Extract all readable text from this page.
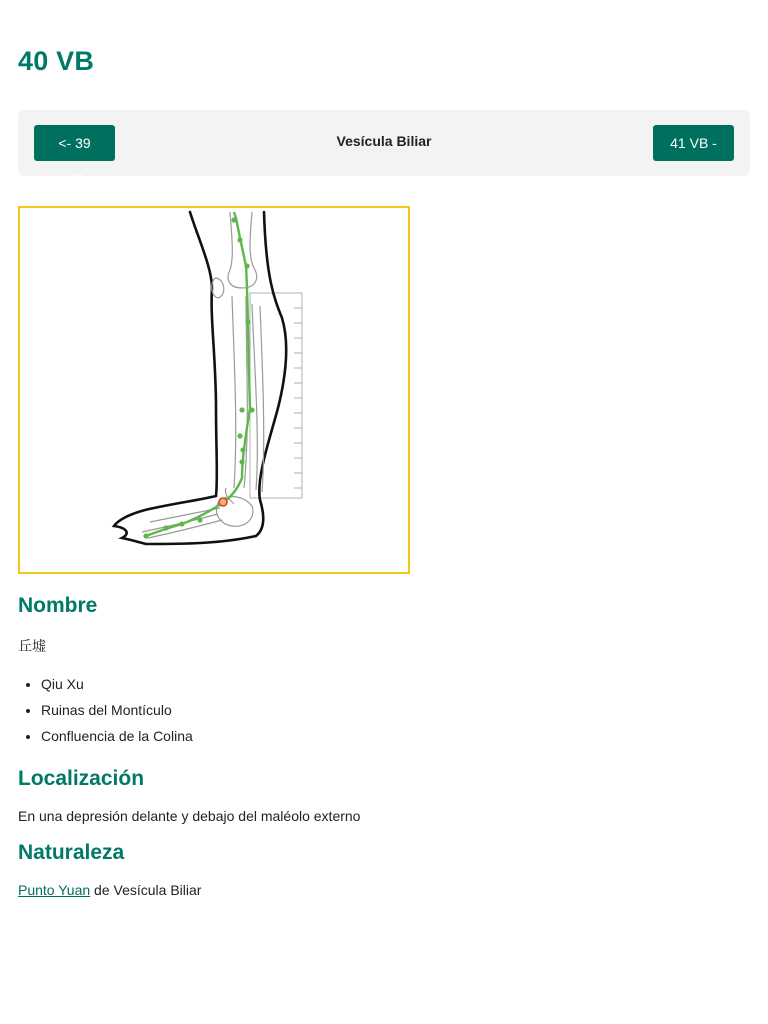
40 VB
<- 39 VB
Vesícula Biliar	41 VB ->
Nombre
丘墟
• Qiu Xu
• Ruinas del Montículo
• Confluencia de la Colina
Localización
En una depresión delante y debajo del maléolo externo
Naturaleza
Punto Yuan de Vesícula Biliar
